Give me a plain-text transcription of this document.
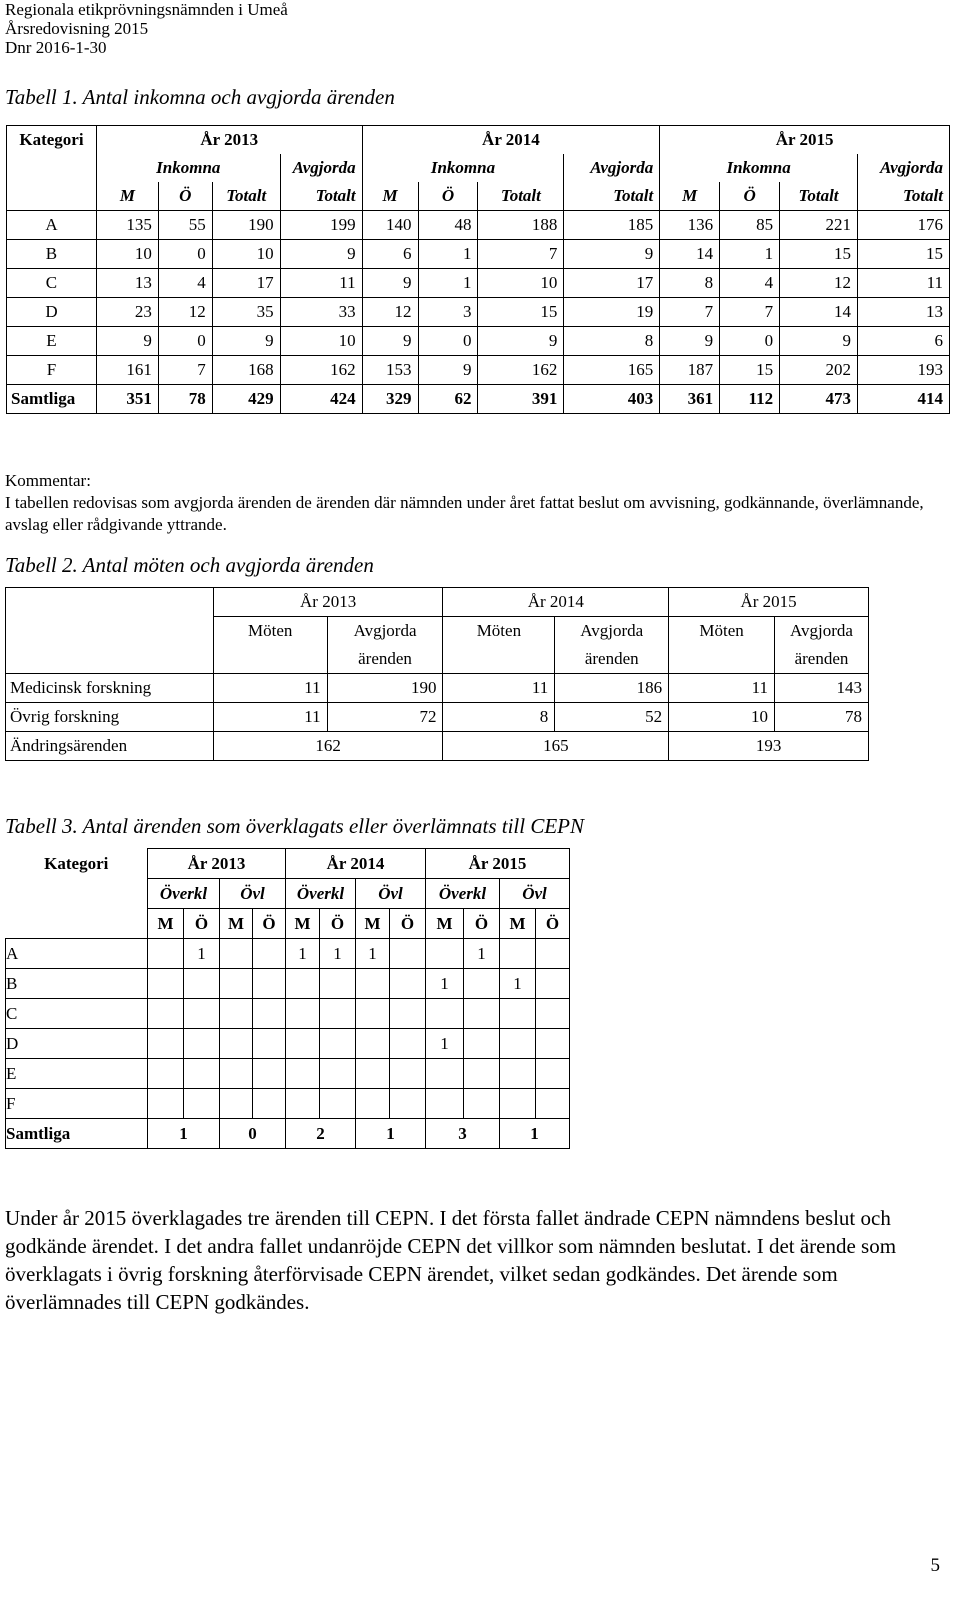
Regionala etikprövningsnämnden i Umeå
Årsredovisning 2015
Dnr 2016-1-30
Tabell 1. Antal inkomna och avgjorda ärenden
Kategori	År 2013				År 2014				År 2015			
	Inkomna			Avgjorda	Inkomna			Avgjorda	Inkomna			Avgjorda
	M	Ö	Totalt	Totalt	M	Ö	Totalt	Totalt	M	Ö	Totalt	Totalt
A	135	55	190	199	140	48	188	185	136	85	221	176
B	10	0	10	9	6	1	7	9	14	1	15	15
C	13	4	17	11	9	1	10	17	8	4	12	11
D	23	12	35	33	12	3	15	19	7	7	14	13
E	9	0	9	10	9	0	9	8	9	0	9	6
F	161	7	168	162	153	9	162	165	187	15	202	193
Samtliga	351	78	429	424	329	62	391	403	361	112	473	414
Kommentar:
I tabellen redovisas som avgjorda ärenden de ärenden där nämnden under året fattat beslut om avvisning, godkännande, överlämnande, avslag eller rådgivande yttrande.
Tabell 2. Antal möten och avgjorda ärenden
	År 2013		År 2014		År 2015	
	Möten	Avgjorda	Möten	Avgjorda	Möten	Avgjorda
		ärenden		ärenden		ärenden
Medicinsk forskning	11	190	11	186	11	143
Övrig forskning	11	72	8	52	10	78
Ändringsärenden	162		165		193	
Tabell 3. Antal ärenden som överklagats eller överlämnats till CEPN
Kategori	År 2013				År 2014				År 2015			
	Överkl		Övl		Överkl		Övl		Överkl		Övl	
	M	Ö	M	Ö	M	Ö	M	Ö	M	Ö	M	Ö
A		1			1	1	1			1		
B									1		1	
C												
D									1			
E												
F												
Samtliga	1		0		2		1		3		1	
Under år 2015 överklagades tre ärenden till CEPN. I det första fallet ändrade CEPN nämndens beslut och godkände ärendet. I det andra fallet undanröjde CEPN det villkor som nämnden beslutat. I det ärende som överklagats i övrig forskning återförvisade CEPN ärendet, vilket sedan godkändes. Det ärende som överlämnades till CEPN godkändes.
5
